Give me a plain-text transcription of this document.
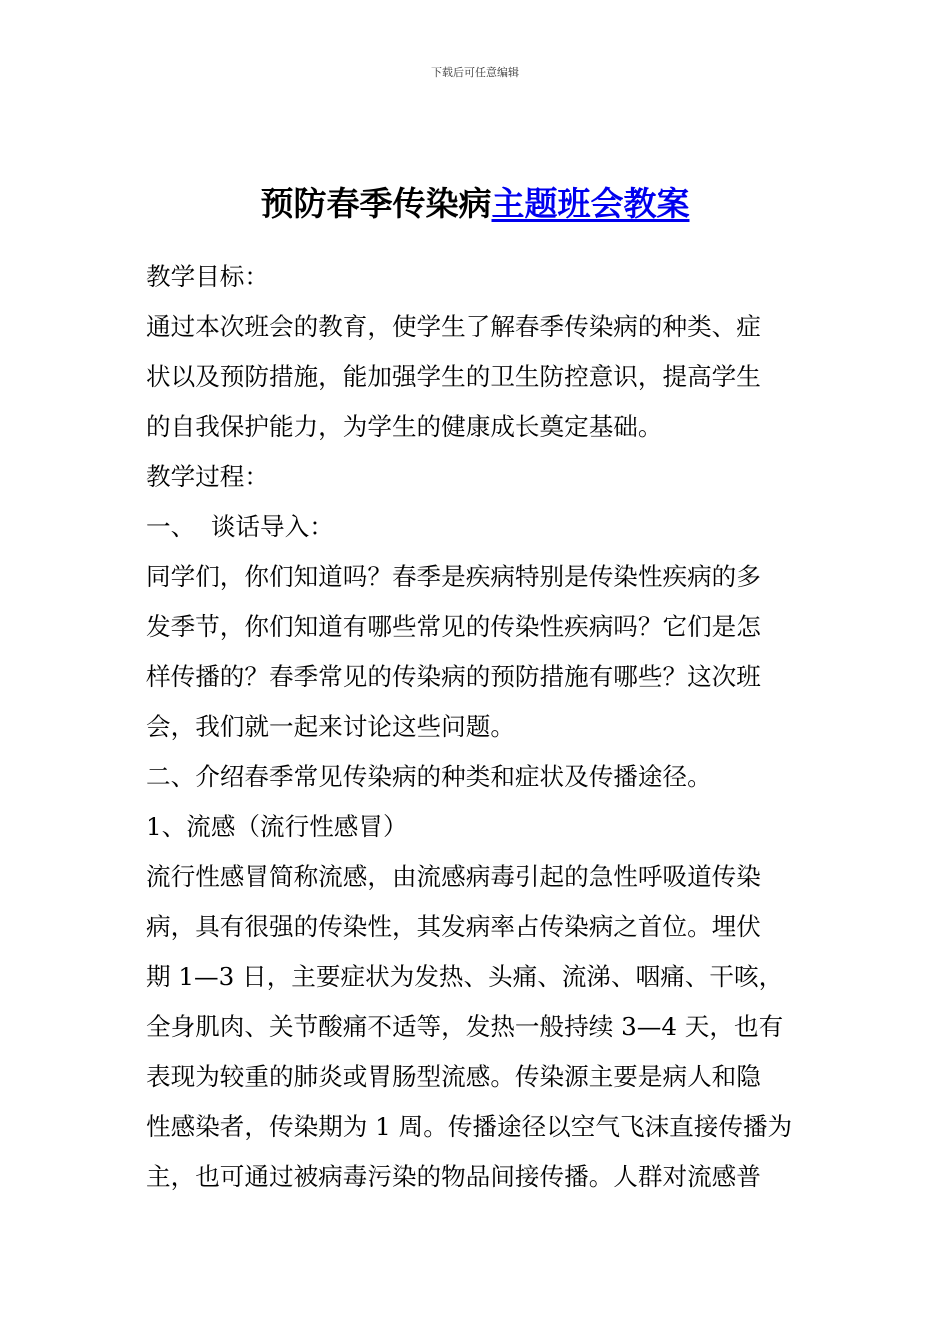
下载后可任意编辑
预防春季传染病主题班会教案

教学目标：

通过本次班会的教育，使学生了解春季传染病的种类、症

状以及预防措施，能加强学生的卫生防控意识，提高学生

的自我保护能力，为学生的健康成长奠定基础。

教学过程：

一、  谈话导入：

同学们，你们知道吗？春季是疾病特别是传染性疾病的多

发季节，你们知道有哪些常见的传染性疾病吗？它们是怎

样传播的？春季常见的传染病的预防措施有哪些？这次班

会，我们就一起来讨论这些问题。

二、介绍春季常见传染病的种类和症状及传播途径。

1、流感（流行性感冒）

流行性感冒简称流感，由流感病毒引起的急性呼吸道传染

病，具有很强的传染性，其发病率占传染病之首位。埋伏

期 1—3 日，主要症状为发热、头痛、流涕、咽痛、干咳，

全身肌肉、关节酸痛不适等，发热一般持续 3—4 天，也有

表现为较重的肺炎或胃肠型流感。传染源主要是病人和隐

性感染者，传染期为 1 周。传播途径以空气飞沫直接传播为

主，也可通过被病毒污染的物品间接传播。人群对流感普
